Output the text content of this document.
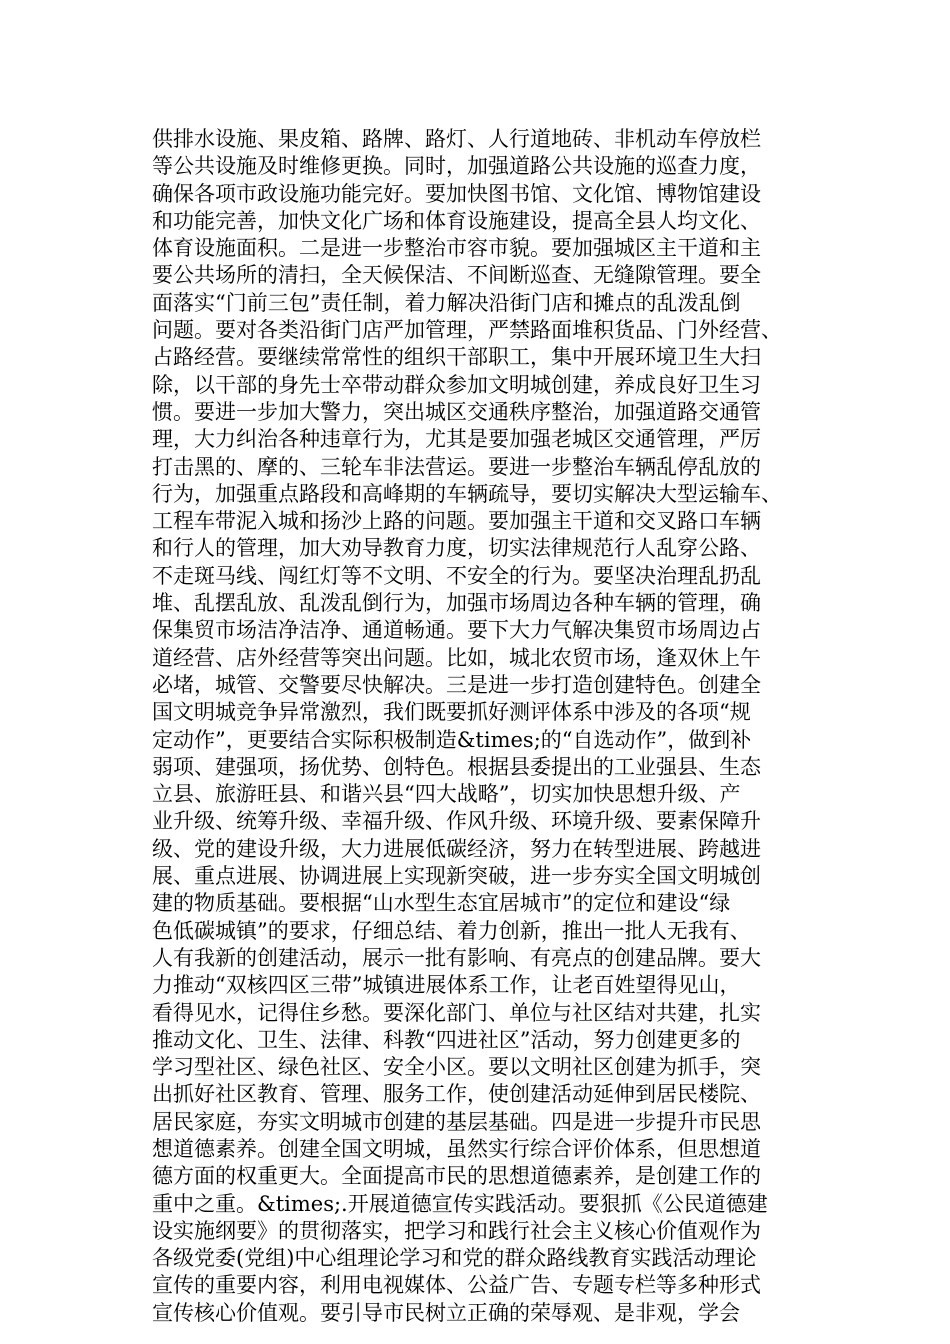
供排水设施、果皮箱、路牌、路灯、人行道地砖、非机动车停放栏
等公共设施及时维修更换。同时，加强道路公共设施的巡查力度，
确保各项市政设施功能完好。要加快图书馆、文化馆、博物馆建设
和功能完善，加快文化广场和体育设施建设，提高全县人均文化、
体育设施面积。二是进一步整治市容市貌。要加强城区主干道和主
要公共场所的清扫，全天候保洁、不间断巡查、无缝隙管理。要全
面落实“门前三包”责任制，着力解决沿街门店和摊点的乱泼乱倒
问题。要对各类沿街门店严加管理，严禁路面堆积货品、门外经营、
占路经营。要继续常常性的组织干部职工，集中开展环境卫生大扫
除，以干部的身先士卒带动群众参加文明城创建，养成良好卫生习
惯。要进一步加大警力，突出城区交通秩序整治，加强道路交通管
理，大力纠治各种违章行为，尤其是要加强老城区交通管理，严厉
打击黑的、摩的、三轮车非法营运。要进一步整治车辆乱停乱放的
行为，加强重点路段和高峰期的车辆疏导，要切实解决大型运输车、
工程车带泥入城和扬沙上路的问题。要加强主干道和交叉路口车辆
和行人的管理，加大劝导教育力度，切实法律规范行人乱穿公路、
不走斑马线、闯红灯等不文明、不安全的行为。要坚决治理乱扔乱
堆、乱摆乱放、乱泼乱倒行为，加强市场周边各种车辆的管理，确
保集贸市场洁净洁净、通道畅通。要下大力气解决集贸市场周边占
道经营、店外经营等突出问题。比如，城北农贸市场，逢双休上午
必堵，城管、交警要尽快解决。三是进一步打造创建特色。创建全
国文明城竞争异常激烈，我们既要抓好测评体系中涉及的各项“规
定动作”，更要结合实际积极制造&times;的“自选动作”，做到补
弱项、建强项，扬优势、创特色。根据县委提出的工业强县、生态
立县、旅游旺县、和谐兴县“四大战略”，切实加快思想升级、产
业升级、统筹升级、幸福升级、作风升级、环境升级、要素保障升
级、党的建设升级，大力进展低碳经济，努力在转型进展、跨越进
展、重点进展、协调进展上实现新突破，进一步夯实全国文明城创
建的物质基础。要根据“山水型生态宜居城市”的定位和建设“绿
色低碳城镇”的要求，仔细总结、着力创新，推出一批人无我有、
人有我新的创建活动，展示一批有影响、有亮点的创建品牌。要大
力推动“双核四区三带”城镇进展体系工作，让老百姓望得见山，
看得见水，记得住乡愁。要深化部门、单位与社区结对共建，扎实
推动文化、卫生、法律、科教“四进社区”活动，努力创建更多的
学习型社区、绿色社区、安全小区。要以文明社区创建为抓手，突
出抓好社区教育、管理、服务工作，使创建活动延伸到居民楼院、
居民家庭，夯实文明城市创建的基层基础。四是进一步提升市民思
想道德素养。创建全国文明城，虽然实行综合评价体系，但思想道
德方面的权重更大。全面提高市民的思想道德素养，是创建工作的
重中之重。&times;.开展道德宣传实践活动。要狠抓《公民道德建
设实施纲要》的贯彻落实，把学习和践行社会主义核心价值观作为
各级党委(党组)中心组理论学习和党的群众路线教育实践活动理论
宣传的重要内容，利用电视媒体、公益广告、专题专栏等多种形式
宣传核心价值观。要引导市民树立正确的荣辱观、是非观，学会
